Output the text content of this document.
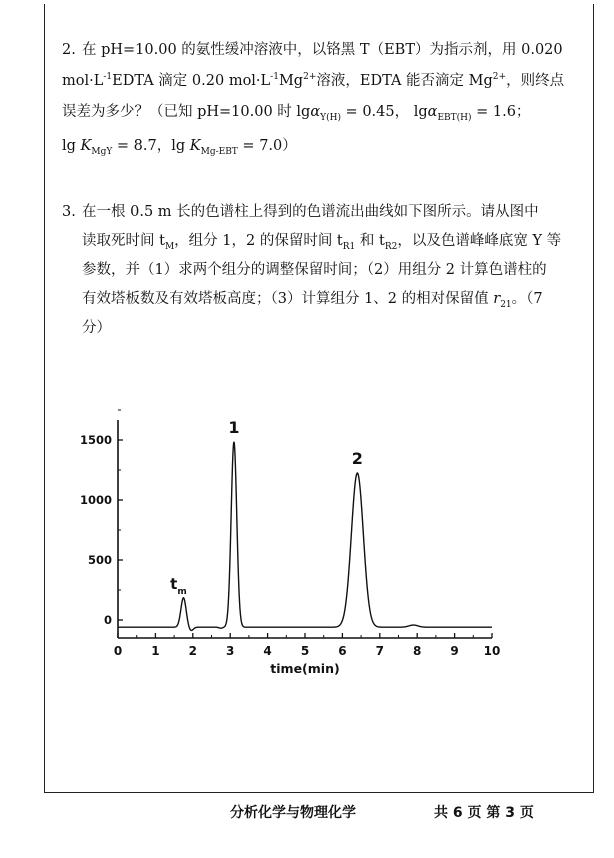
2. 在 pH=10.00 的氨性缓冲溶液中，以铬黑 T（EBT）为指示剂，用 0.020
$mol\cdot L^{-1}EDTA$ 滴定 0.20 $mol\cdot L^{-1}Mg^{2+}$溶液，EDTA 能否滴定 $Mg^{2+}$，则终点
误差为多少？（已知 pH=10.00 时 lgα$_{Y(H)}$ = 0.45， lgα$_{EBT(H)}$ = 1.6；
$\lg K_{MgY} = 8.7$，$\lg K_{Mg-EBT} = 7.0$）
3. 在一根 0.5 m 长的色谱柱上得到的色谱流出曲线如下图所示。请从图中
读取死时间 $t_M$，组分 1，2 的保留时间 $t_{R1}$ 和 $t_{R2}$，以及色谱峰峰底宽 Y 等
参数，并（1）求两个组分的调整保留时间；（2）用组分 2 计算色谱柱的
有效塔板数及有效塔板高度；（3）计算组分 1、2 的相对保留值 $r_{21}$。（7
分）
0 1 2 3 4 5 6 7 8 9 10
0
500
1000
1500
$t_m$
1
2
time(min)
分析化学与物理化学	共 6 页 第 3 页
